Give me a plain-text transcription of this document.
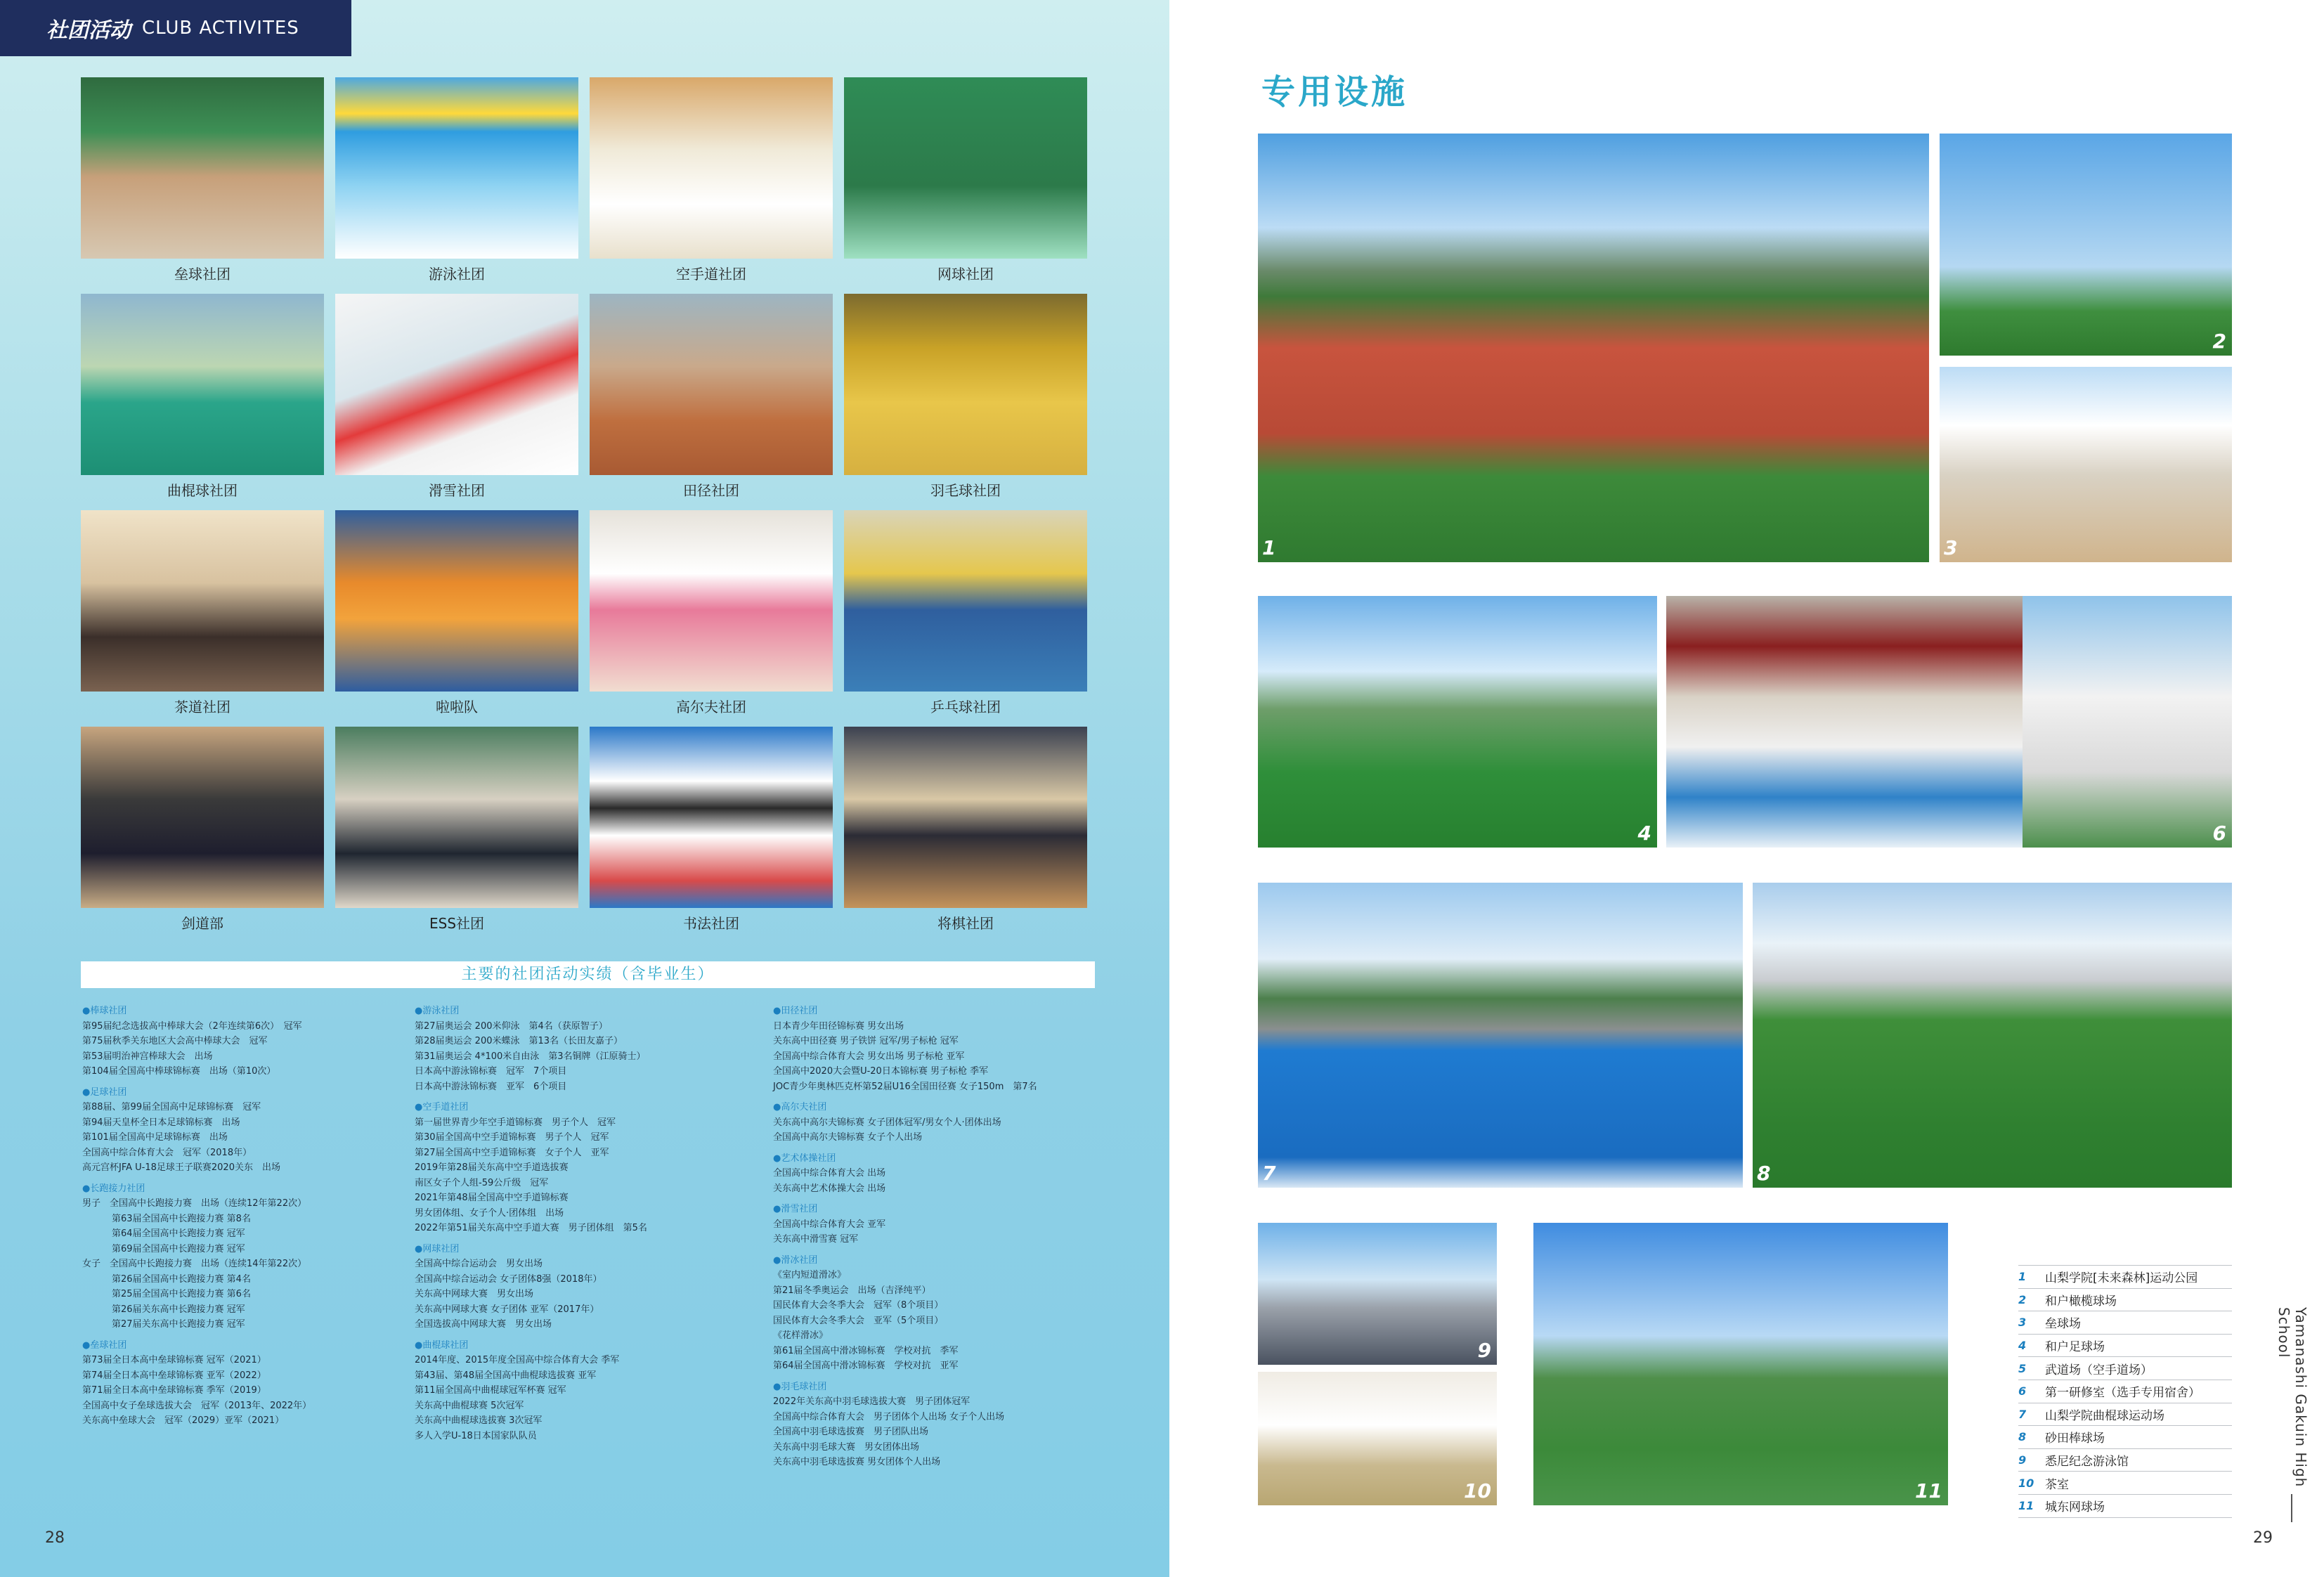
社团活动 CLUB ACTIVITES
垒球社团	游泳社团	空手道社团	网球社团
曲棍球社团	滑雪社团	田径社团	羽毛球社团
茶道社团	啦啦队	高尔夫社团	乒乓球社团
剑道部	ESS社团	书法社团	将棋社团
主要的社团活动实绩（含毕业生）
●棒球社团
第95届纪念选拔高中棒球大会（2年连续第6次）　冠军
第75届秋季关东地区大会高中棒球大会　冠军
第53届明治神宫棒球大会　出场
第104届全国高中棒球锦标赛　出场（第10次）
●足球社团
第88届、第99届全国高中足球锦标赛　冠军
第94届天皇杯全日本足球锦标赛　出场
第101届全国高中足球锦标赛　出场
全国高中综合体育大会　冠军（2018年）
高元宫杯JFA U-18足球王子联赛2020关东　出场
●长跑接力社团
男子　全国高中长跑接力赛　出场（连续12年第22次）
第63届全国高中长跑接力赛 第8名
第64届全国高中长跑接力赛 冠军
第69届全国高中长跑接力赛 冠军
女子　全国高中长跑接力赛　出场（连续14年第22次）
第26届全国高中长跑接力赛 第4名
第25届全国高中长跑接力赛 第6名
第26届关东高中长跑接力赛 冠军
第27届关东高中长跑接力赛 冠军
●垒球社团
第73届全日本高中垒球锦标赛 冠军（2021）
第74届全日本高中垒球锦标赛 亚军（2022）
第71届全日本高中垒球锦标赛 季军（2019）
全国高中女子垒球选拔大会　冠军（2013年、2022年）
关东高中垒球大会　冠军（2029）亚军（2021）
●游泳社团
第27届奥运会 200米仰泳　第4名（获原智子）
第28届奥运会 200米蝶泳　第13名（长田友嘉子）
第31届奥运会 4*100米自由泳　第3名铜牌（江原骑士）
日本高中游泳锦标赛　冠军　7个项目
日本高中游泳锦标赛　亚军　6个项目
●空手道社团
第一届世界青少年空手道锦标赛　男子个人　冠军
第30届全国高中空手道锦标赛　男子个人　冠军
第27届全国高中空手道锦标赛　女子个人　亚军
2019年第28届关东高中空手道选拔赛
南区女子个人组-59公斤级　冠军
2021年第48届全国高中空手道锦标赛
男女团体组、女子个人·团体组　出场
2022年第51届关东高中空手道大赛　男子团体组　第5名
●网球社团
全国高中综合运动会　男女出场
全国高中综合运动会 女子团体8强（2018年）
关东高中网球大赛　男女出场
关东高中网球大赛 女子团体 亚军（2017年）
全国选拔高中网球大赛　男女出场
●曲棍球社团
2014年度、2015年度全国高中综合体育大会 季军
第43届、第48届全国高中曲棍球选拔赛 亚军
第11届全国高中曲棍球冠军杯赛 冠军
关东高中曲棍球赛 5次冠军
关东高中曲棍球选拔赛 3次冠军
多人入学U-18日本国家队队员
●田径社团
日本青少年田径锦标赛 男女出场
关东高中田径赛 男子铁饼 冠军/男子标枪 冠军
全国高中综合体育大会 男女出场 男子标枪 亚军
全国高中2020大会暨U-20日本锦标赛 男子标枪 季军
JOC青少年奥林匹克杯第52届U16全国田径赛 女子150m　第7名
●高尔夫社团
关东高中高尔夫锦标赛 女子团体冠军/男女个人·团体出场
全国高中高尔夫锦标赛 女子个人出场
●艺术体操社团
全国高中综合体育大会 出场
关东高中艺术体操大会 出场
●滑雪社团
全国高中综合体育大会 亚军
关东高中滑雪赛 冠军
●滑冰社团
《室内短道滑冰》
第21届冬季奥运会　出场（吉泽纯平）
国民体育大会冬季大会　冠军（8个项目）
国民体育大会冬季大会　亚军（5个项目）
《花样滑冰》
第61届全国高中滑冰锦标赛　学校对抗　季军
第64届全国高中滑冰锦标赛　学校对抗　亚军
●羽毛球社团
2022年关东高中羽毛球选拔大赛　男子团体冠军
全国高中综合体育大会　男子团体个人出场 女子个人出场
全国高中羽毛球选拔赛　男子团队出场
关东高中羽毛球大赛　男女团体出场
关东高中羽毛球选拔赛 男女团体个人出场
28
专用设施
1
2
3
4	6
7	8
9
10	11
1	山梨学院[未来森林]运动公园
2	和户橄榄球场
3	垒球场
4	和户足球场
5	武道场（空手道场）
6	第一研修室（选手专用宿舍）
7	山梨学院曲棍球运动场
8	砂田棒球场
9	悉尼纪念游泳馆
10 茶室
11 城东网球场
Yamanashi Gakuin High School
29
